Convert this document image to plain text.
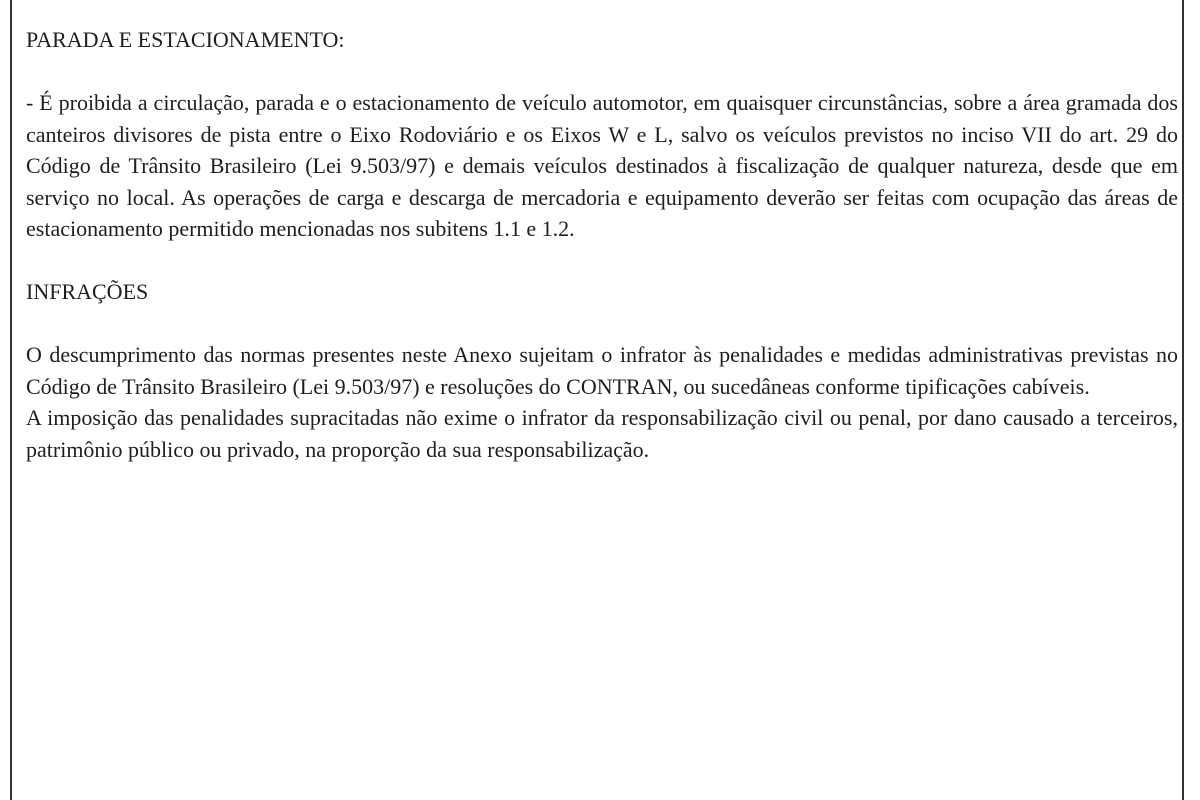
PARADA E ESTACIONAMENTO:

- É proibida a circulação, parada e o estacionamento de veículo automotor, em quaisquer circunstâncias, sobre a área gramada dos canteiros divisores de pista entre o Eixo Rodoviário e os Eixos W e L, salvo os veículos previstos no inciso VII do art. 29 do Código de Trânsito Brasileiro (Lei 9.503/97) e demais veículos destinados à fiscalização de qualquer natureza, desde que em serviço no local. As operações de carga e descarga de mercadoria e equipamento deverão ser feitas com ocupação das áreas de estacionamento permitido mencionadas nos subitens 1.1 e 1.2.

INFRAÇÕES

O descumprimento das normas presentes neste Anexo sujeitam o infrator às penalidades e medidas administrativas previstas no Código de Trânsito Brasileiro (Lei 9.503/97) e resoluções do CONTRAN, ou sucedâneas conforme tipificações cabíveis.

A imposição das penalidades supracitadas não exime o infrator da responsabilização civil ou penal, por dano causado a terceiros, patrimônio público ou privado, na proporção da sua responsabilização.
